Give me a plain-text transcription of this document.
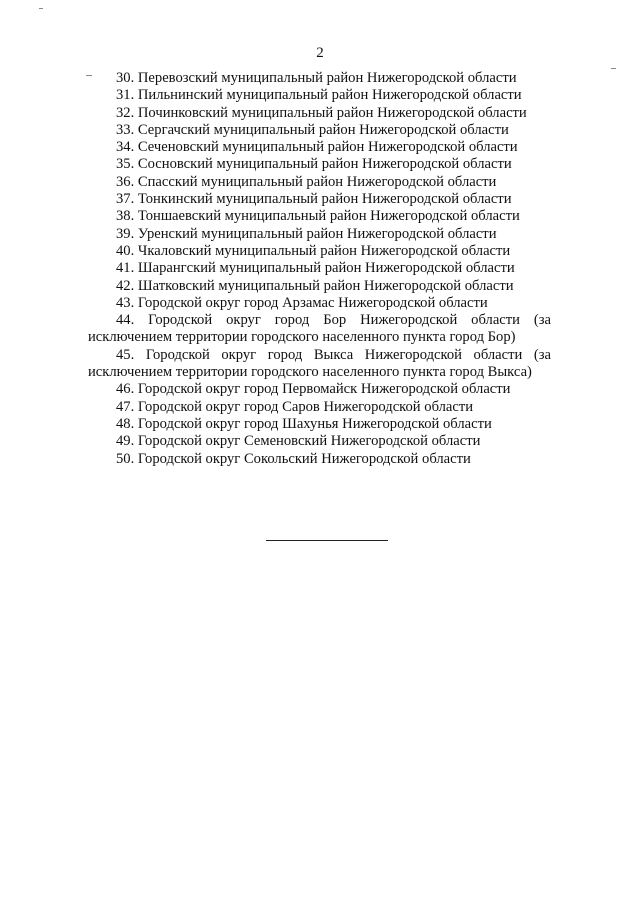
2

30. Перевозский муниципальный район Нижегородской области

31. Пильнинский муниципальный район Нижегородской области

32. Починковский муниципальный район Нижегородской области

33. Сергачский муниципальный район Нижегородской области

34. Сеченовский муниципальный район Нижегородской области

35. Сосновский муниципальный район Нижегородской области

36. Спасский муниципальный район Нижегородской области

37. Тонкинский муниципальный район Нижегородской области

38. Тоншаевский муниципальный район Нижегородской области

39. Уренский муниципальный район Нижегородской области

40. Чкаловский муниципальный район Нижегородской области

41. Шарангский муниципальный район Нижегородской области

42. Шатковский муниципальный район Нижегородской области

43. Городской округ город Арзамас Нижегородской области

44. Городской округ город Бор Нижегородской области (за
исключением территории городского населенного пункта город Бор)

45. Городской округ город Выкса Нижегородской области (за
исключением территории городского населенного пункта город Выкса)

46. Городской округ город Первомайск Нижегородской области

47. Городской округ город Саров Нижегородской области

48. Городской округ город Шахунья Нижегородской области

49. Городской округ Семеновский Нижегородской области

50. Городской округ Сокольский Нижегородской области
